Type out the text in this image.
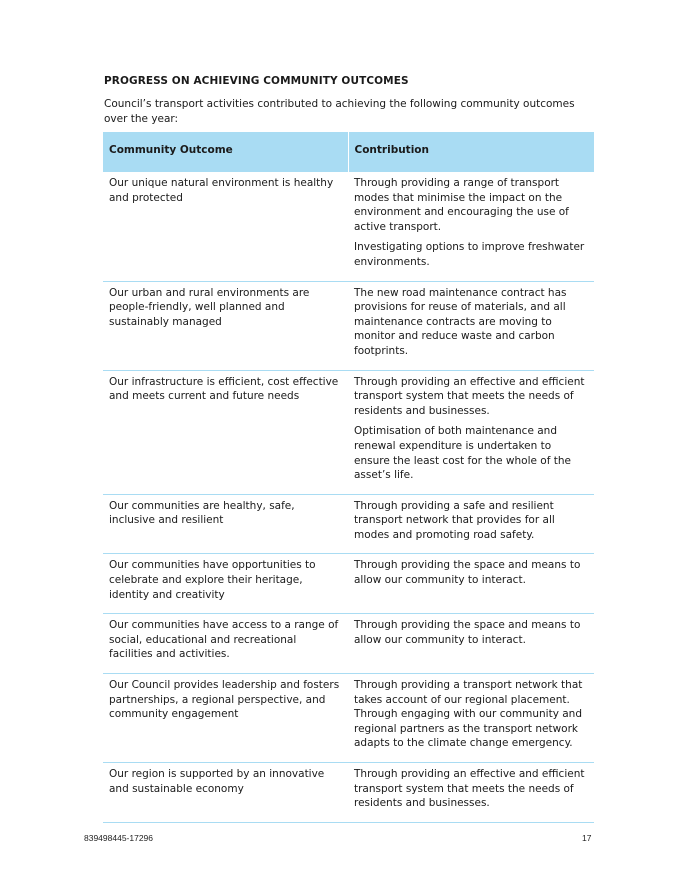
PROGRESS ON ACHIEVING COMMUNITY OUTCOMES

Council’s transport activities contributed to achieving the following community outcomes over the year:

Community Outcome	Contribution
Our unique natural environment is healthy and protected	Through providing a range of transport modes that minimise the impact on the environment and encouraging the use of active transport.

Investigating options to improve freshwater environments.

Our urban and rural environments are people-friendly, well planned and sustainably managed	The new road maintenance contract has provisions for reuse of materials, and all maintenance contracts are moving to monitor and reduce waste and carbon footprints.

Our infrastructure is efficient, cost effective and meets current and future needs	Through providing an effective and efficient transport system that meets the needs of residents and businesses.

Optimisation of both maintenance and renewal expenditure is undertaken to ensure the least cost for the whole of the asset’s life.

Our communities are healthy, safe, inclusive and resilient	Through providing a safe and resilient transport network that provides for all modes and promoting road safety.

Our communities have opportunities to celebrate and explore their heritage, identity and creativity	Through providing the space and means to allow our community to interact.

Our communities have access to a range of social, educational and recreational facilities and activities.	Through providing the space and means to allow our community to interact.

Our Council provides leadership and fosters partnerships, a regional perspective, and community engagement	Through providing a transport network that takes account of our regional placement. Through engaging with our community and regional partners as the transport network adapts to the climate change emergency.

Our region is supported by an innovative and sustainable economy	Through providing an effective and efficient transport system that meets the needs of residents and businesses.

839498445-17296	17
